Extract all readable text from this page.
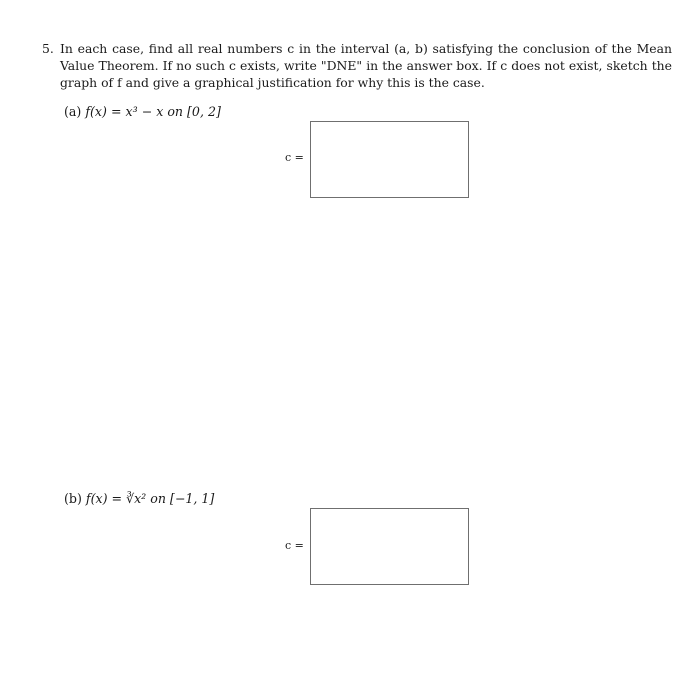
5. In each case, find all real numbers c in the interval (a, b) satisfying the conclusion of the Mean Value Theorem. If no such c exists, write "DNE" in the answer box. If c does not exist, sketch the graph of f and give a graphical justification for why this is the case.
(a) f(x) = x³ − x on [0, 2]
c =
(b) f(x) = ∛x² on [−1, 1]
c =
